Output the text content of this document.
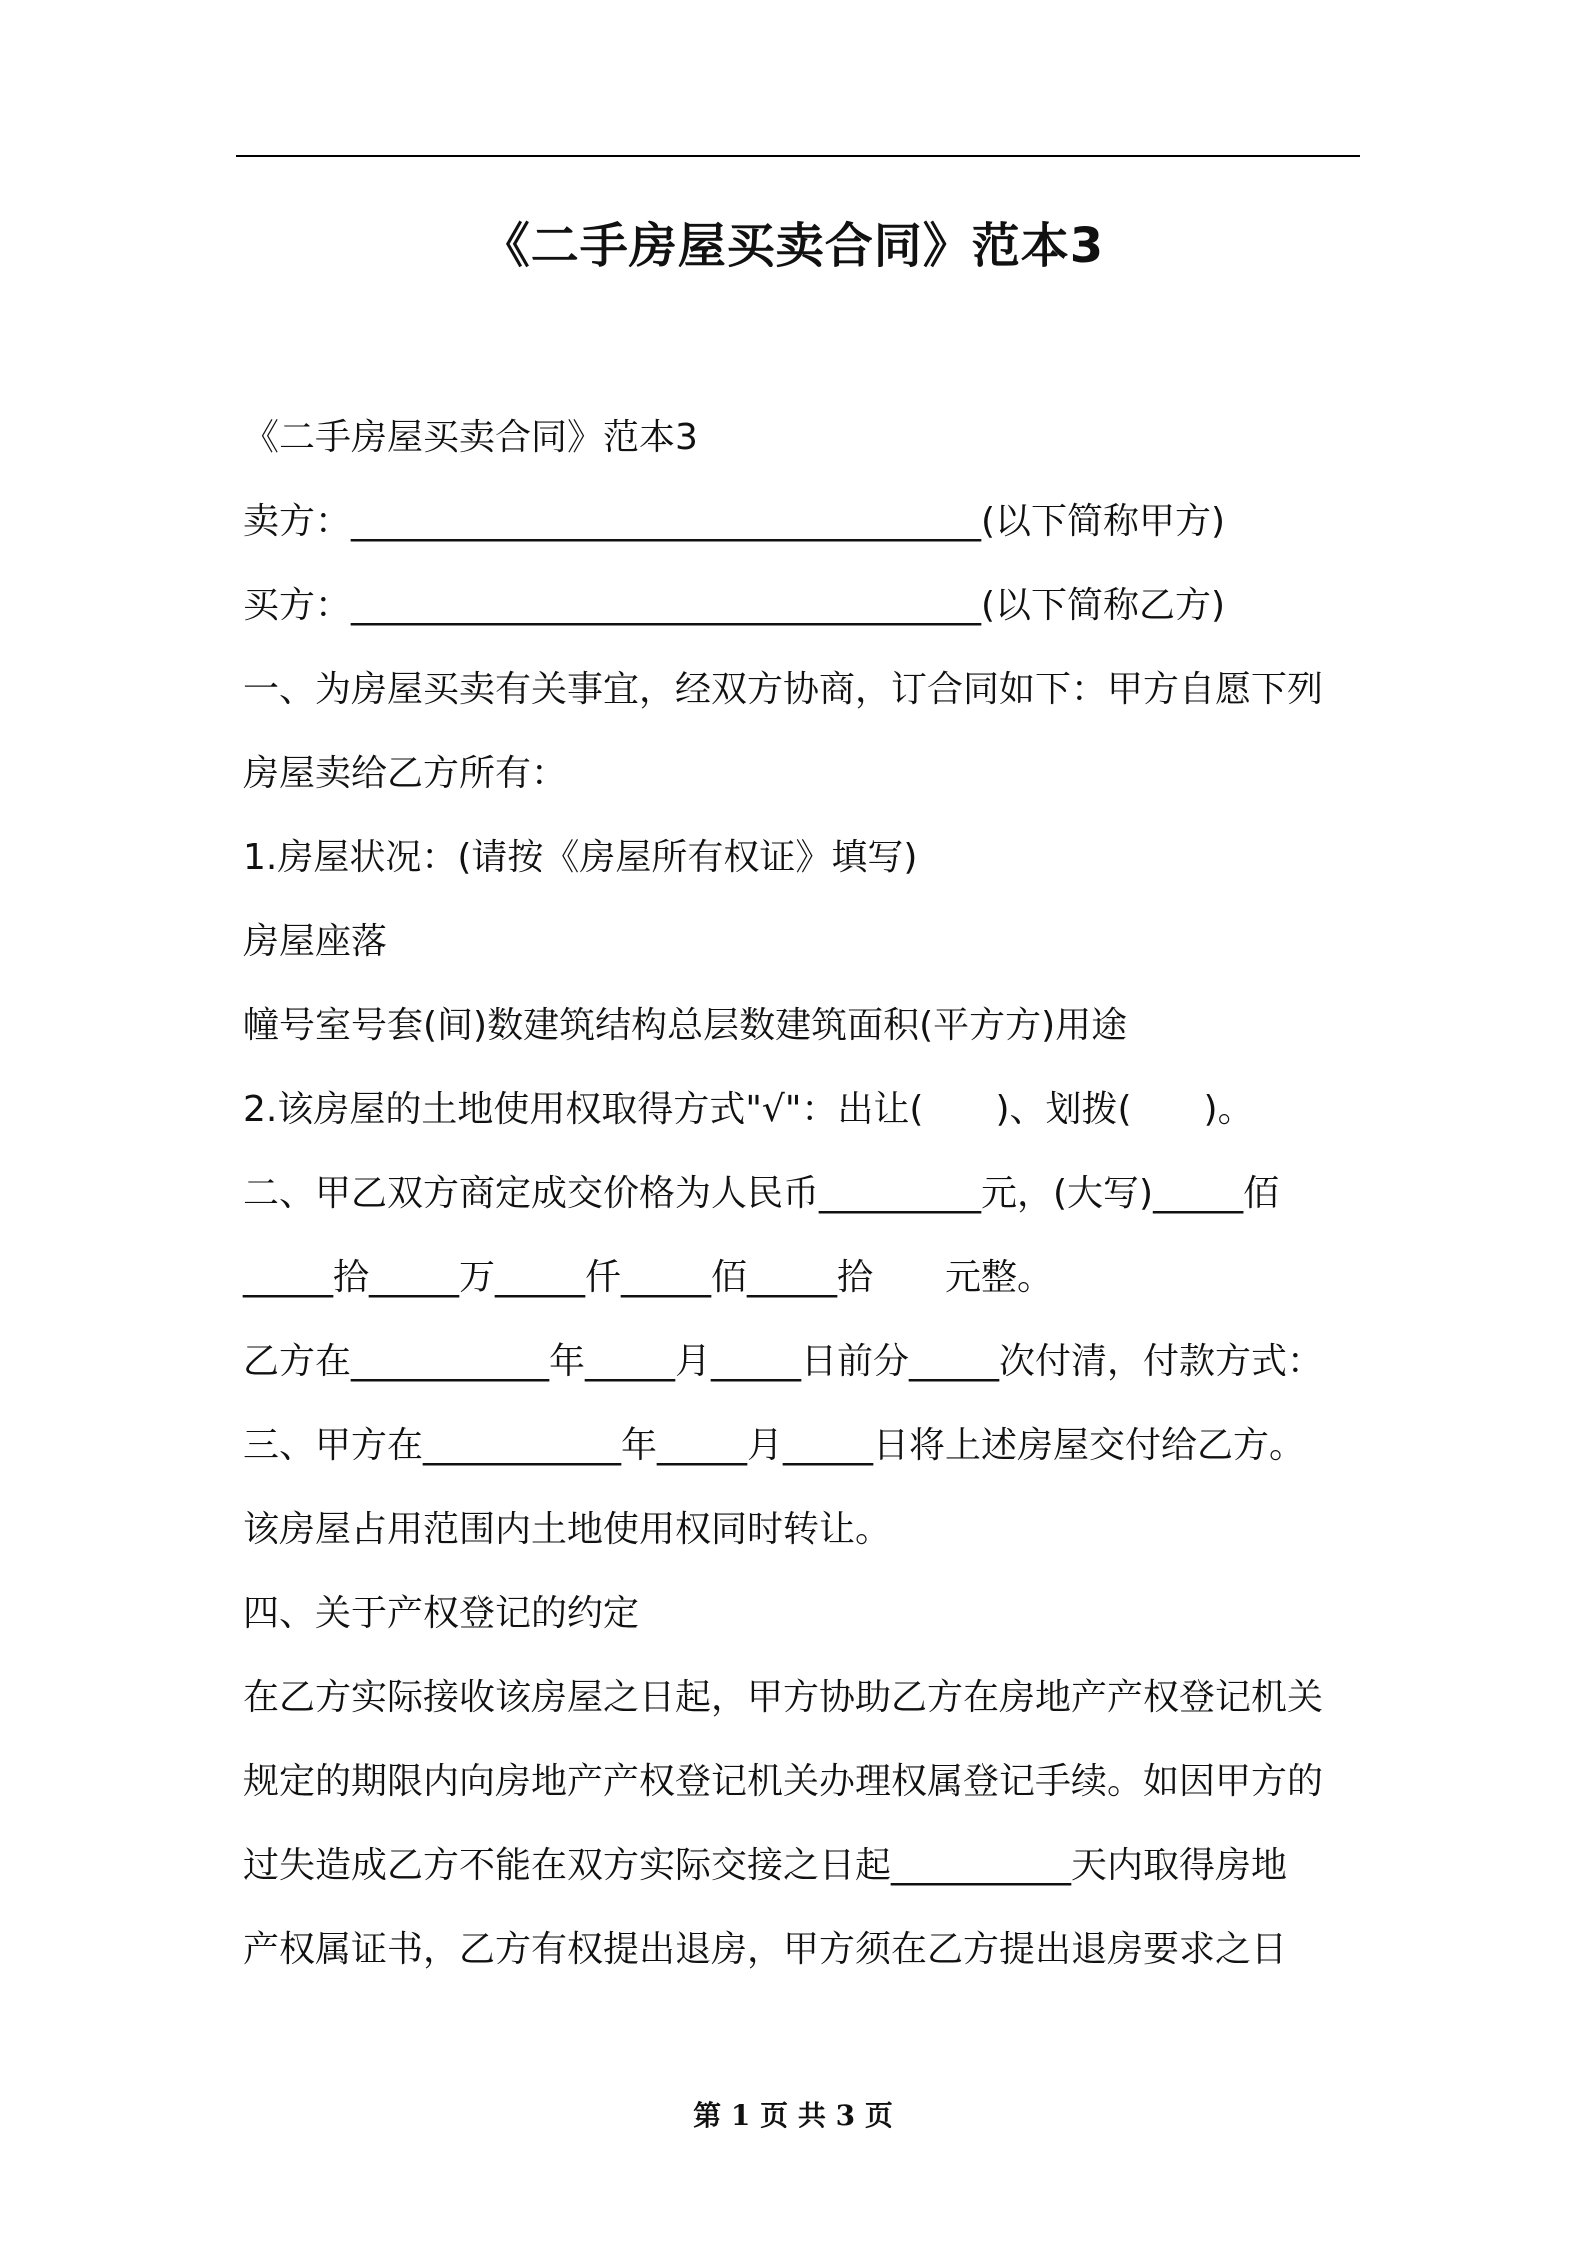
《二手房屋买卖合同》范本3
《二手房屋买卖合同》范本3
卖方：___________________________________(以下简称甲方)
买方：___________________________________(以下简称乙方)
一、为房屋买卖有关事宜，经双方协商，订合同如下：甲方自愿下列
房屋卖给乙方所有：
1.房屋状况：(请按《房屋所有权证》填写)
房屋座落
幢号室号套(间)数建筑结构总层数建筑面积(平方方)用途
2.该房屋的土地使用权取得方式"√"：出让(　　)、划拨(　　)。
二、甲乙双方商定成交价格为人民币_________元，(大写)_____佰
_____拾_____万_____仟_____佰_____拾　　元整。
乙方在___________年_____月_____日前分_____次付清，付款方式：
三、甲方在___________年_____月_____日将上述房屋交付给乙方。
该房屋占用范围内土地使用权同时转让。
四、关于产权登记的约定
在乙方实际接收该房屋之日起，甲方协助乙方在房地产产权登记机关
规定的期限内向房地产产权登记机关办理权属登记手续。如因甲方的
过失造成乙方不能在双方实际交接之日起__________天内取得房地
产权属证书，乙方有权提出退房，甲方须在乙方提出退房要求之日
第 1 页 共 3 页
